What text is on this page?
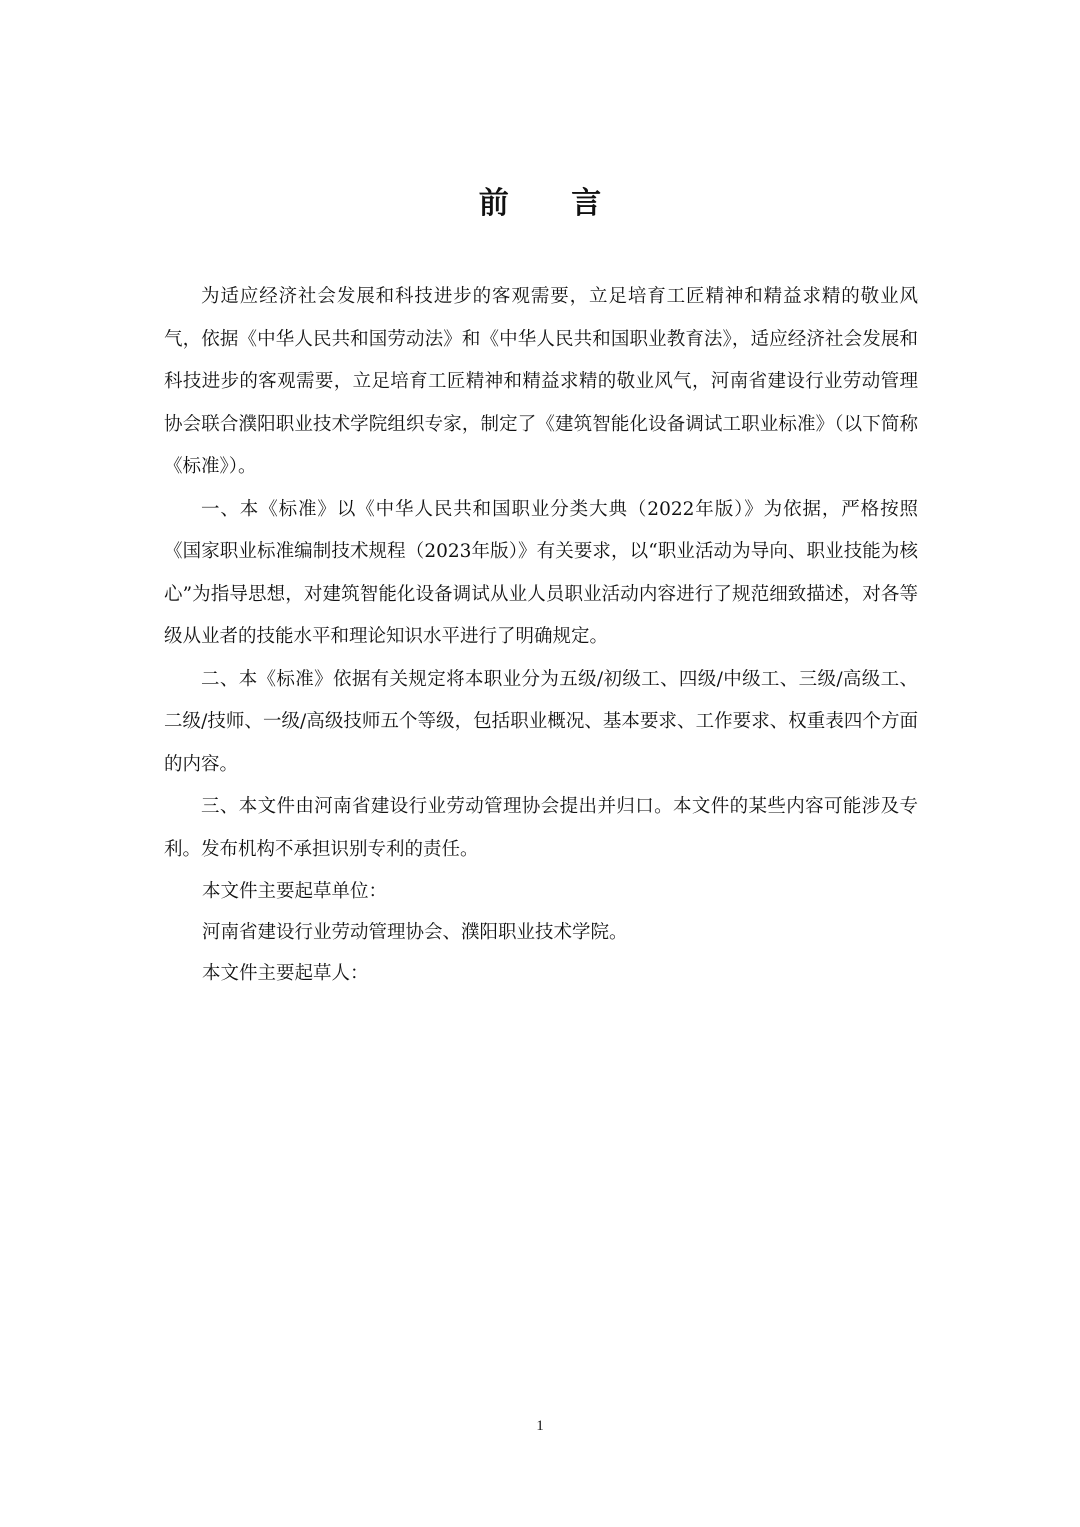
前 言

为适应经济社会发展和科技进步的客观需要，立足培育工匠精神和精益求精的敬业风气，依据《中华人民共和国劳动法》和《中华人民共和国职业教育法》，适应经济社会发展和科技进步的客观需要，立足培育工匠精神和精益求精的敬业风气，河南省建设行业劳动管理协会联合濮阳职业技术学院组织专家，制定了《建筑智能化设备调试工职业标准》（以下简称《标准》）。

一、本《标准》以《中华人民共和国职业分类大典（2022年版）》为依据，严格按照《国家职业标准编制技术规程（2023年版）》有关要求，以“职业活动为导向、职业技能为核心”为指导思想，对建筑智能化设备调试从业人员职业活动内容进行了规范细致描述，对各等级从业者的技能水平和理论知识水平进行了明确规定。

二、本《标准》依据有关规定将本职业分为五级/初级工、四级/中级工、三级/高级工、二级/技师、一级/高级技师五个等级，包括职业概况、基本要求、工作要求、权重表四个方面的内容。

三、本文件由河南省建设行业劳动管理协会提出并归口。本文件的某些内容可能涉及专利。发布机构不承担识别专利的责任。

本文件主要起草单位：

河南省建设行业劳动管理协会、濮阳职业技术学院。

本文件主要起草人：

1
